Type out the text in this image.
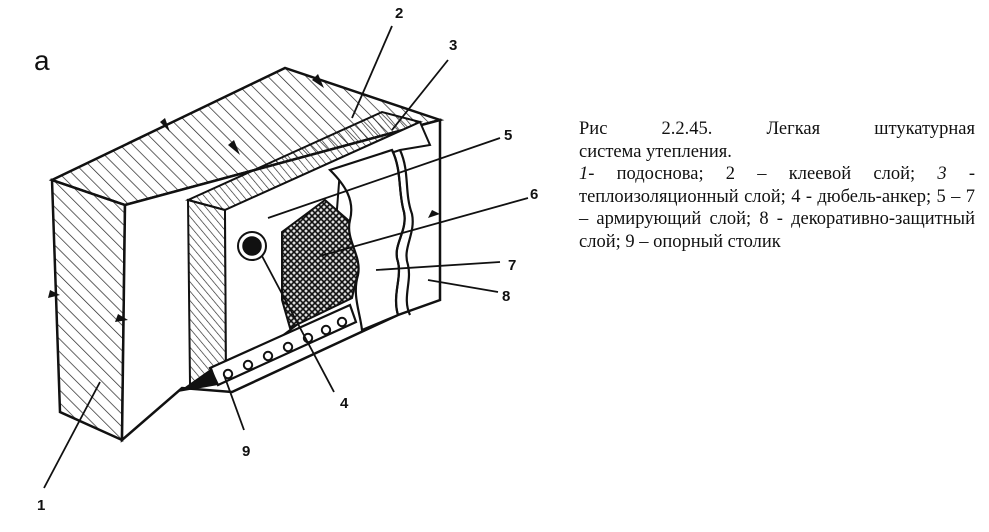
а
1
2
3
4
5
6
7
8
9

Рис 2.2.45. Легкая штукатурная

система утепления.

1- подоснова; 2 – клеевой слой; 3 - теплоизоляционный слой; 4 - дюбель-анкер; 5 – 7 – армирующий слой; 8 - декоративно-защитный слой; 9 – опорный столик
